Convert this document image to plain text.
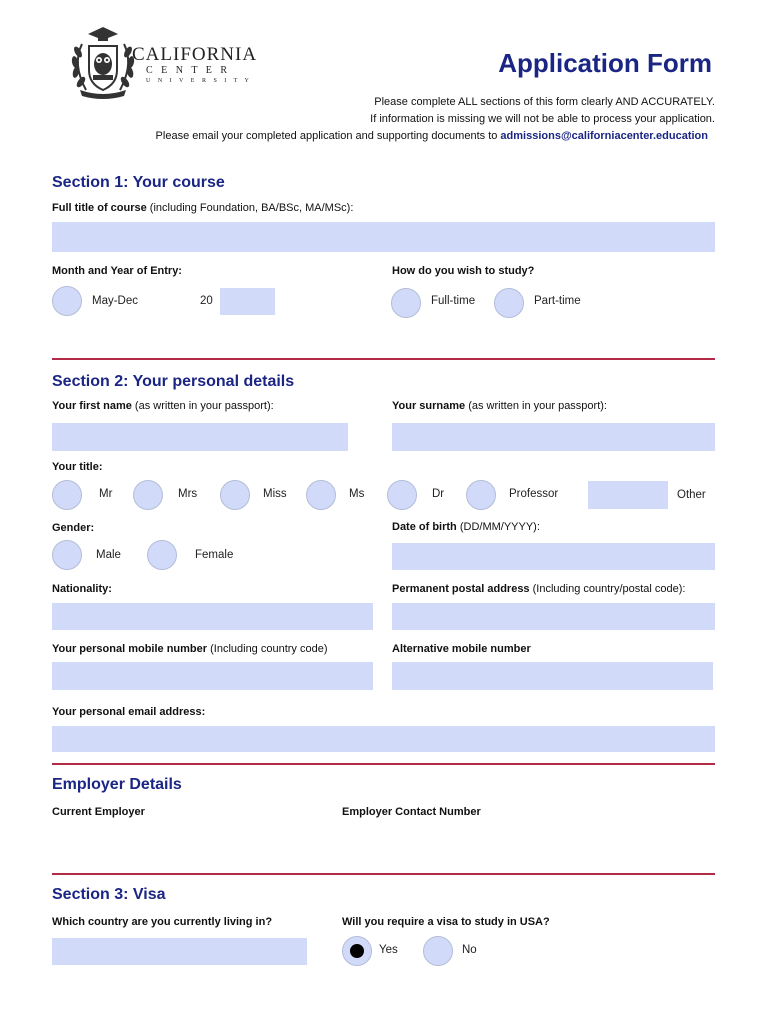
CALIFORNIA
C E N T E R
U N I V E R S I T Y
Application Form
Please complete ALL sections of this form clearly AND ACCURATELY.
If information is missing we will not be able to process your application.
Please email your completed application and supporting documents to admissions@californiacenter.education
Section 1: Your course
Full title of course (including Foundation, BA/BSc, MA/MSc):
Month and Year of Entry:
May-Dec	20
How do you wish to study?
Full-time	Part-time
Section 2: Your personal details
Your first name (as written in your passport):	Your surname (as written in your passport):
Your title:
Mr	Mrs	Miss	Ms	Dr	Professor	Other
Gender:
Male	Female
Date of birth (DD/MM/YYYY):
Nationality:	Permanent postal address (Including country/postal code):
Your personal mobile number (Including country code)	Alternative mobile number
Your personal email address:
Employer Details
Current Employer	Employer Contact Number
Section 3: Visa
Which country are you currently living in?	Will you require a visa to study in USA?
Yes	No
